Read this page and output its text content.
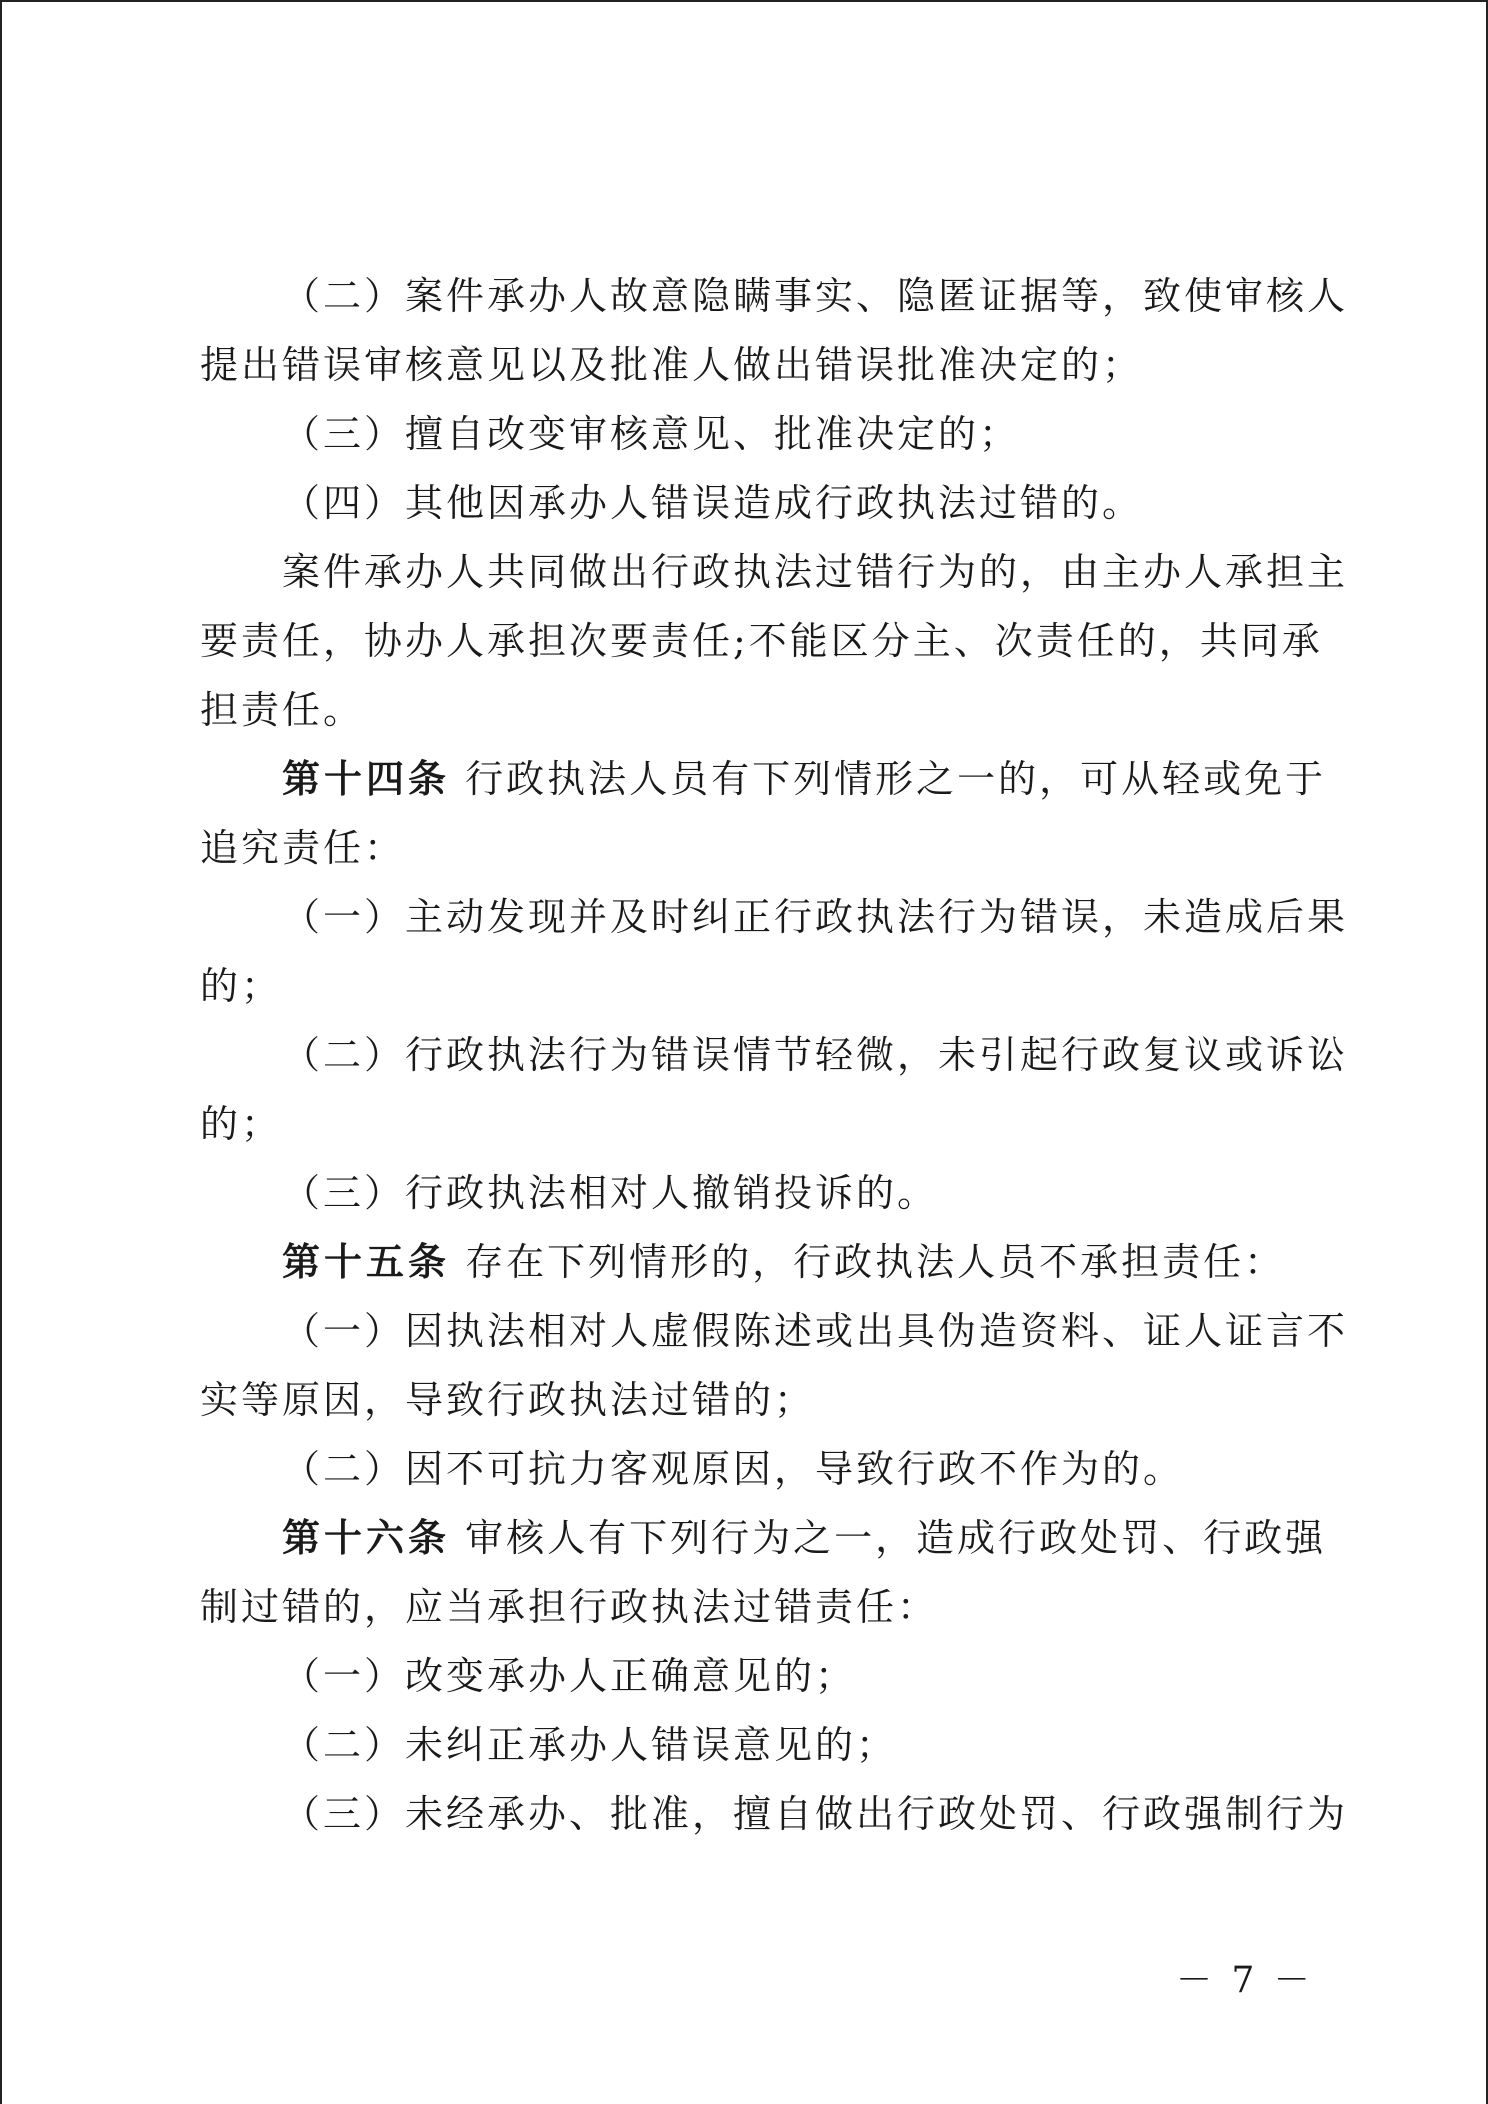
（二）案件承办人故意隐瞒事实、隐匿证据等，致使审核人
提出错误审核意见以及批准人做出错误批准决定的；
（三）擅自改变审核意见、批准决定的；
（四）其他因承办人错误造成行政执法过错的。
案件承办人共同做出行政执法过错行为的，由主办人承担主
要责任，协办人承担次要责任;不能区分主、次责任的，共同承
担责任。
第十四条 行政执法人员有下列情形之一的，可从轻或免于
追究责任：
（一）主动发现并及时纠正行政执法行为错误，未造成后果
的；
（二）行政执法行为错误情节轻微，未引起行政复议或诉讼
的；
（三）行政执法相对人撤销投诉的。
第十五条 存在下列情形的，行政执法人员不承担责任：
（一）因执法相对人虚假陈述或出具伪造资料、证人证言不
实等原因，导致行政执法过错的；
（二）因不可抗力客观原因，导致行政不作为的。
第十六条 审核人有下列行为之一，造成行政处罚、行政强
制过错的，应当承担行政执法过错责任：
（一）改变承办人正确意见的；
（二）未纠正承办人错误意见的；
（三）未经承办、批准，擅自做出行政处罚、行政强制行为
－ 7 －
